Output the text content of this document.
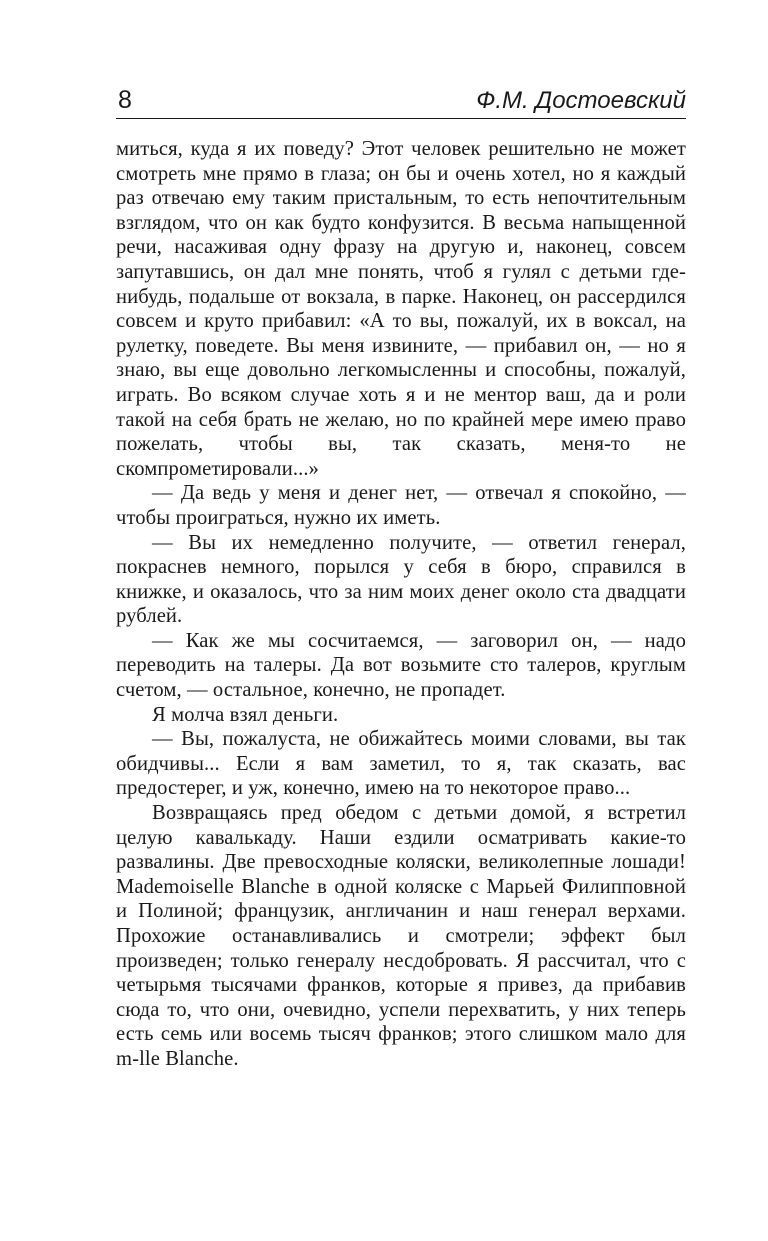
8	Ф.М. Достоевский

миться, куда я их поведу? Этот человек решительно не может смотреть мне прямо в глаза; он бы и очень хотел, но я каждый раз отвечаю ему таким пристальным, то есть непочтительным взглядом, что он как будто конфузится. В весьма напыщенной речи, насаживая одну фразу на другую и, наконец, совсем запутавшись, он дал мне понять, чтоб я гулял с детьми где-нибудь, подальше от вокзала, в парке. Наконец, он рассердился совсем и круто прибавил: «А то вы, пожалуй, их в воксал, на рулетку, поведете. Вы меня извините, — прибавил он, — но я знаю, вы еще довольно легкомысленны и способны, пожалуй, играть. Во всяком случае хоть я и не ментор ваш, да и роли такой на себя брать не желаю, но по крайней мере имею право пожелать, чтобы вы, так сказать, меня-то не скомпрометировали...»

— Да ведь у меня и денег нет, — отвечал я спокойно, — чтобы проиграться, нужно их иметь.

— Вы их немедленно получите, — ответил генерал, покраснев немного, порылся у себя в бюро, справился в книжке, и оказалось, что за ним моих денег около ста двадцати рублей.

— Как же мы сосчитаемся, — заговорил он, — надо переводить на талеры. Да вот возьмите сто талеров, круглым счетом, — остальное, конечно, не пропадет.

Я молча взял деньги.

— Вы, пожалуста, не обижайтесь моими словами, вы так обидчивы... Если я вам заметил, то я, так сказать, вас предостерег, и уж, конечно, имею на то некоторое право...

Возвращаясь пред обедом с детьми домой, я встретил целую кавалькаду. Наши ездили осматривать какие-то развалины. Две превосходные коляски, великолепные лошади! Mademoiselle Blanche в одной коляске с Марьей Филипповной и Полиной; французик, англичанин и наш генерал верхами. Прохожие останавливались и смотрели; эффект был произведен; только генералу несдобровать. Я рассчитал, что с четырьмя тысячами франков, которые я привез, да прибавив сюда то, что они, очевидно, успели перехватить, у них теперь есть семь или восемь тысяч франков; этого слишком мало для m-lle Blanche.
